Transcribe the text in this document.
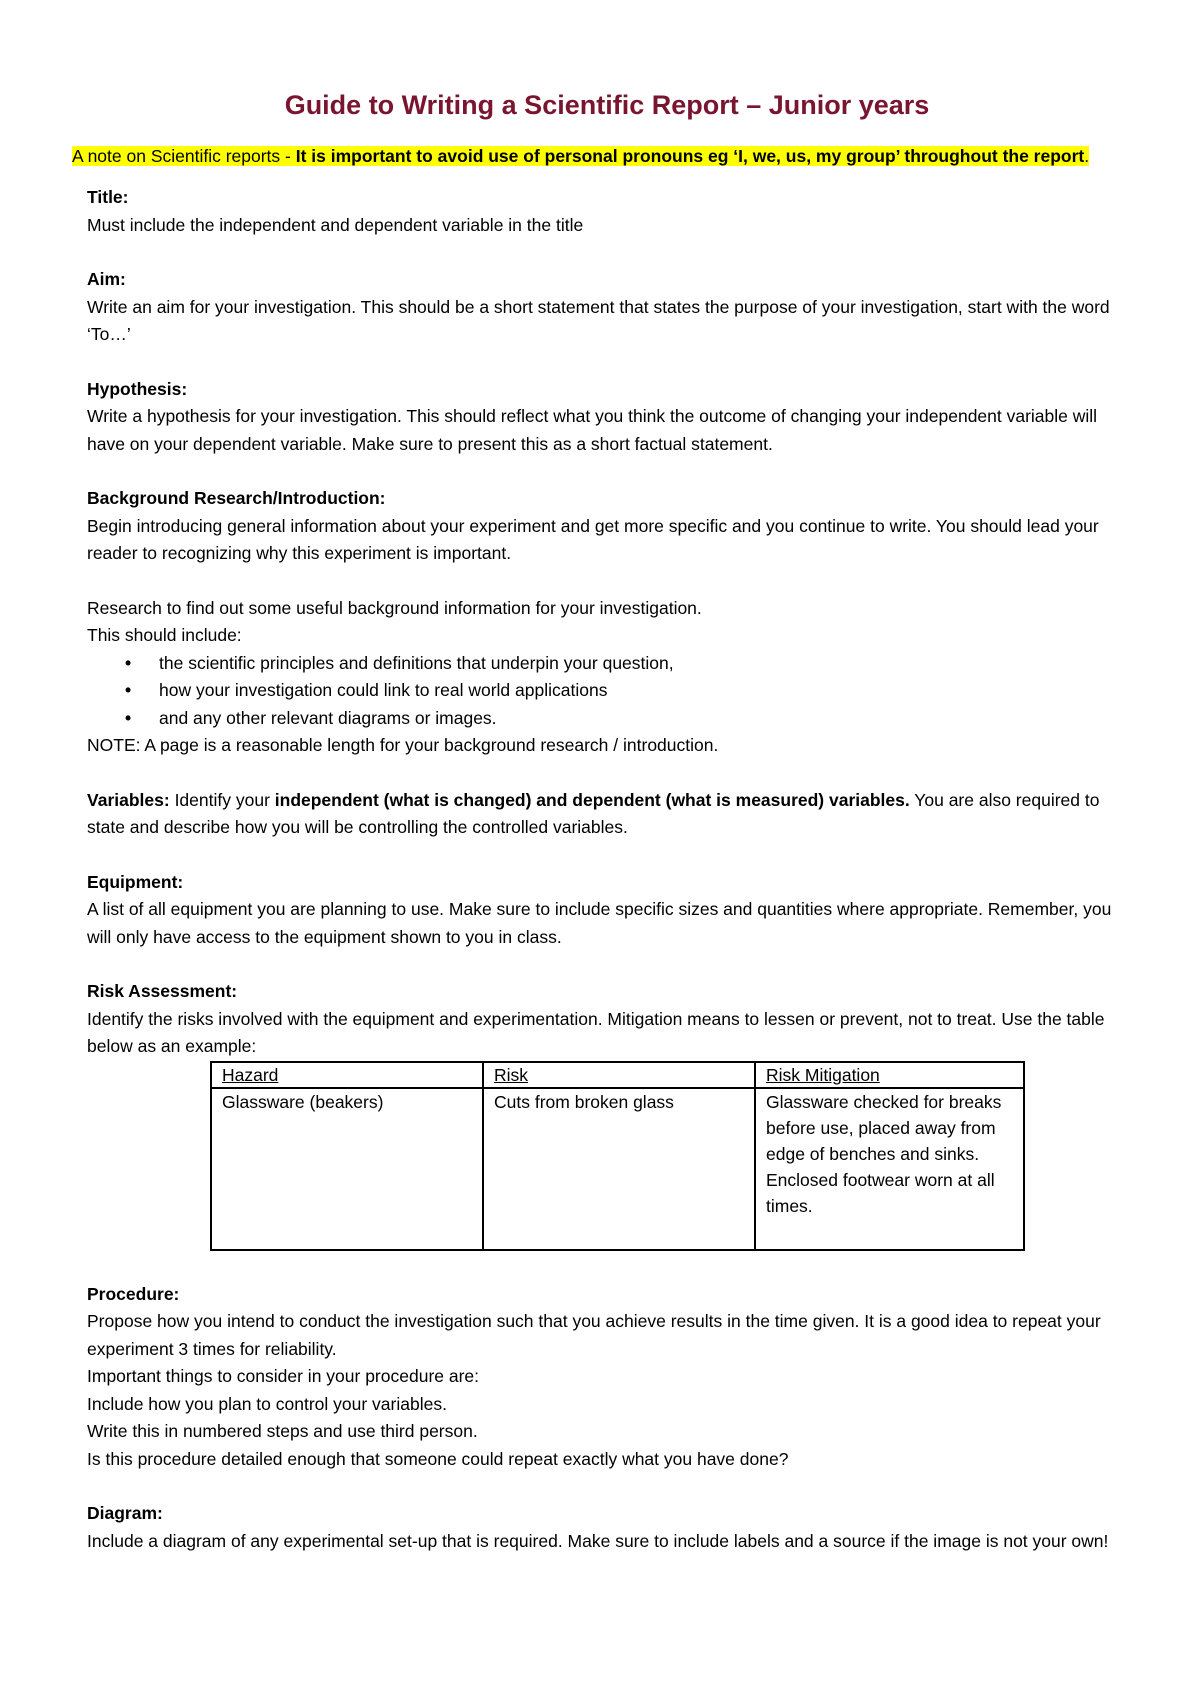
Guide to Writing a Scientific Report – Junior years
A note on Scientific reports - It is important to avoid use of personal pronouns eg ‘I, we, us, my group’ throughout the report.

Title:

Must include the independent and dependent variable in the title

Aim:

Write an aim for your investigation. This should be a short statement that states the purpose of your investigation, start with the word ‘To…’

Hypothesis:

Write a hypothesis for your investigation. This should reflect what you think the outcome of changing your independent variable will have on your dependent variable. Make sure to present this as a short factual statement.

Background Research/Introduction:

Begin introducing general information about your experiment and get more specific and you continue to write. You should lead your reader to recognizing why this experiment is important.

Research to find out some useful background information for your investigation.

This should include:

• the scientific principles and definitions that underpin your question,
• how your investigation could link to real world applications
• and any other relevant diagrams or images.

NOTE: A page is a reasonable length for your background research / introduction.

Variables: Identify your independent (what is changed) and dependent (what is measured) variables. You are also required to state and describe how you will be controlling the controlled variables.

Equipment:

A list of all equipment you are planning to use. Make sure to include specific sizes and quantities where appropriate. Remember, you will only have access to the equipment shown to you in class.

Risk Assessment:

Identify the risks involved with the equipment and experimentation. Mitigation means to lessen or prevent, not to treat. Use the table below as an example:

Hazard	Risk	Risk Mitigation
Glassware (beakers)	Cuts from broken glass	Glassware checked for breaks before use, placed away from edge of benches and sinks.
Enclosed footwear worn at all times.

Procedure:

Propose how you intend to conduct the investigation such that you achieve results in the time given. It is a good idea to repeat your experiment 3 times for reliability.

Important things to consider in your procedure are:

Include how you plan to control your variables.

Write this in numbered steps and use third person.

Is this procedure detailed enough that someone could repeat exactly what you have done?

Diagram:

Include a diagram of any experimental set-up that is required. Make sure to include labels and a source if the image is not your own!
